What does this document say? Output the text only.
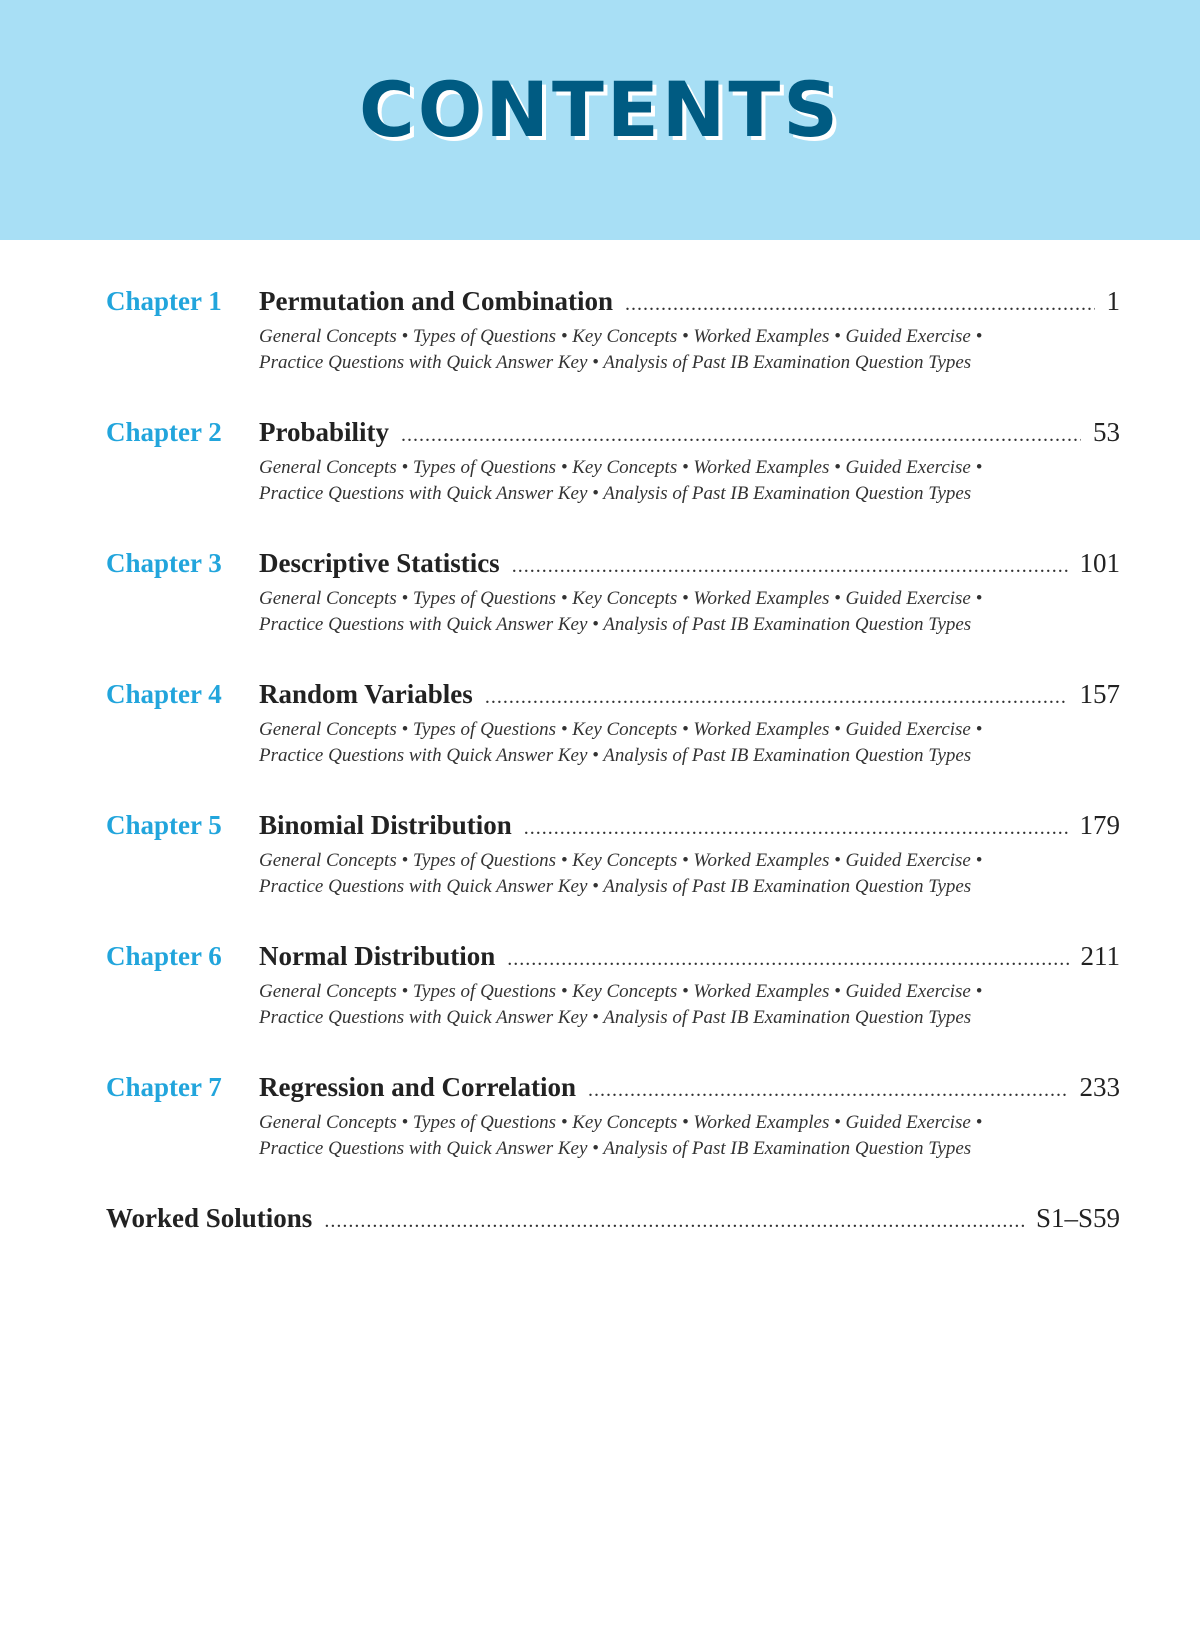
CONTENTS
Chapter 1 Permutation and Combination .....	1
General Concepts • Types of Questions • Key Concepts • Worked Examples • Guided Exercise •
Practice Questions with Quick Answer Key • Analysis of Past IB Examination Question Types
Chapter 2 Probability .....	53
General Concepts • Types of Questions • Key Concepts • Worked Examples • Guided Exercise •
Practice Questions with Quick Answer Key • Analysis of Past IB Examination Question Types
Chapter 3 Descriptive Statistics .....	101
General Concepts • Types of Questions • Key Concepts • Worked Examples • Guided Exercise •
Practice Questions with Quick Answer Key • Analysis of Past IB Examination Question Types
Chapter 4 Random Variables .....	157
General Concepts • Types of Questions • Key Concepts • Worked Examples • Guided Exercise •
Practice Questions with Quick Answer Key • Analysis of Past IB Examination Question Types
Chapter 5 Binomial Distribution .....	179
General Concepts • Types of Questions • Key Concepts • Worked Examples • Guided Exercise •
Practice Questions with Quick Answer Key • Analysis of Past IB Examination Question Types
Chapter 6 Normal Distribution .....	211
General Concepts • Types of Questions • Key Concepts • Worked Examples • Guided Exercise •
Practice Questions with Quick Answer Key • Analysis of Past IB Examination Question Types
Chapter 7 Regression and Correlation .....	233
General Concepts • Types of Questions • Key Concepts • Worked Examples • Guided Exercise •
Practice Questions with Quick Answer Key • Analysis of Past IB Examination Question Types
Worked Solutions .....	S1–S59
